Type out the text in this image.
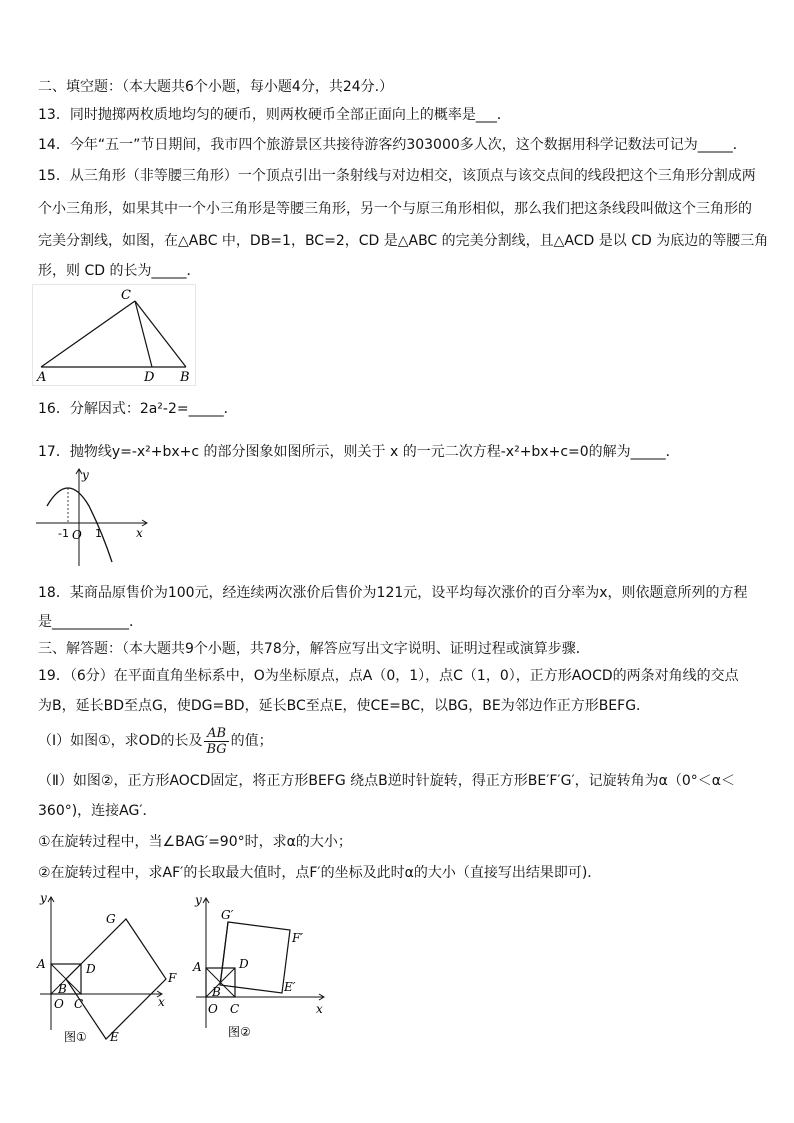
二、填空题：（本大题共6个小题，每小题4分，共24分.）
13．同时抛掷两枚质地均匀的硬币，则两枚硬币全部正面向上的概率是___．
14．今年“五一”节日期间，我市四个旅游景区共接待游客约303000多人次，这个数据用科学记数法可记为_____．
15．从三角形（非等腰三角形）一个顶点引出一条射线与对边相交，该顶点与该交点间的线段把这个三角形分割成两
个小三角形，如果其中一个小三角形是等腰三角形，另一个与原三角形相似，那么我们把这条线段叫做这个三角形的
完美分割线，如图，在△ABC 中，DB=1，BC=2，CD 是△ABC 的完美分割线，且△ACD 是以 CD 为底边的等腰三角
形，则 CD 的长为_____．
C
A	D B
16．分解因式：2a²-2=_____．
17．抛物线y=-x²+bx+c 的部分图象如图所示，则关于 x 的一元二次方程-x²+bx+c=0的解为_____．
y
x
-1 O 1
18．某商品原售价为100元，经连续两次涨价后售价为121元，设平均每次涨价的百分率为x，则依题意所列的方程
是___________．
三、解答题：（本大题共9个小题，共78分，解答应写出文字说明、证明过程或演算步骤．
19．（6分）在平面直角坐标系中，O为坐标原点，点A（0，1），点C（1，0），正方形AOCD的两条对角线的交点
为B，延长BD至点G，使DG=BD，延长BC至点E，使CE=BC，以BG，BE为邻边作正方形BEFG．
（Ⅰ）如图①，求OD的长及 $\frac{AB}{BG}$ 的值；
（Ⅱ）如图②，正方形AOCD固定，将正方形BEFG 绕点B逆时针旋转，得正方形BE′F′G′，记旋转角为α（0°＜α＜
360°)，连接AG′．
①在旋转过程中，当∠BAG′=90°时，求α的大小；
②在旋转过程中，求AF′的长取最大值时，点F′的坐标及此时α的大小（直接写出结果即可)．
y
x
A
B
O C
D
G
F
E
图①
y
x
A
B
O C
D
G′
F′
E′
图②
